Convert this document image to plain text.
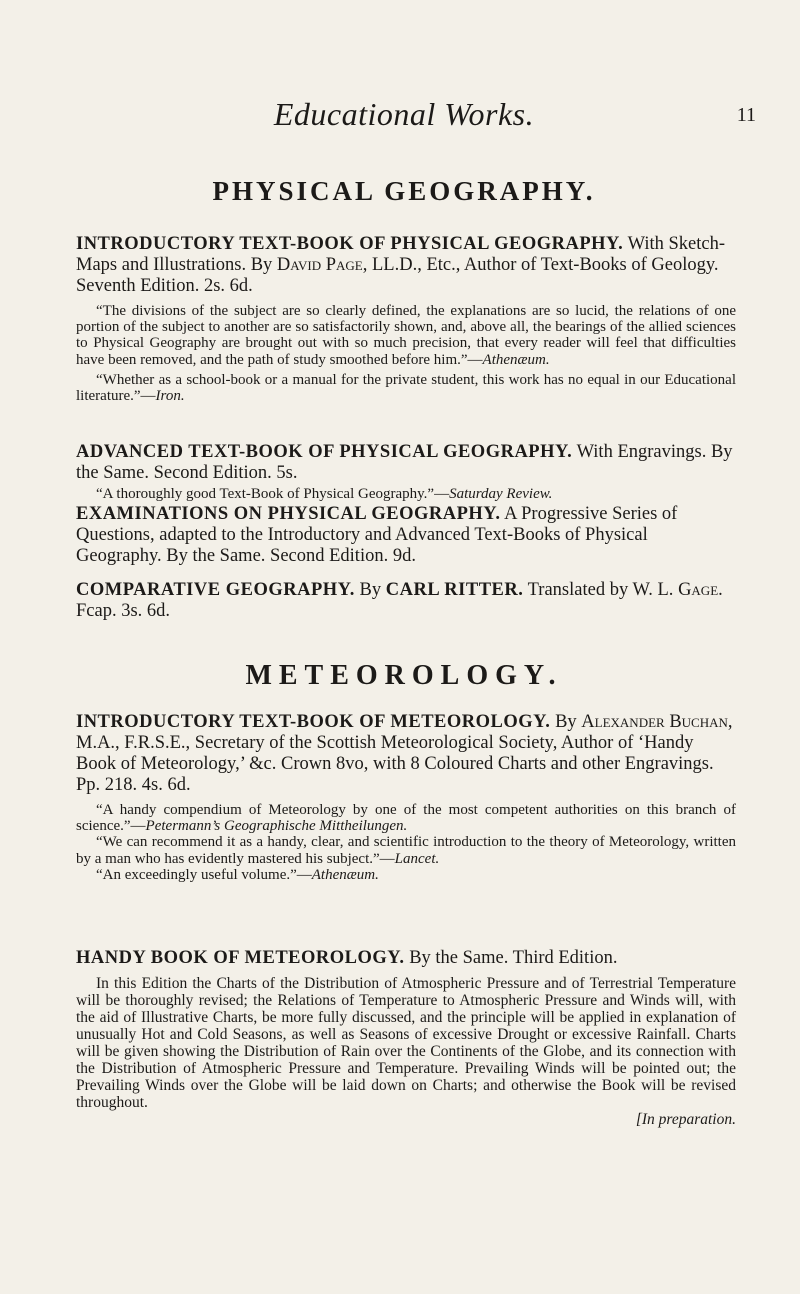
Educational Works.	11
PHYSICAL GEOGRAPHY.

INTRODUCTORY TEXT-BOOK OF PHYSICAL GEOGRAPHY. With Sketch-Maps and Illustrations. By David Page, LL.D., Etc., Author of Text-Books of Geology. Seventh Edition. 2s. 6d.

“The divisions of the subject are so clearly defined, the explanations are so lucid, the relations of one portion of the subject to another are so satisfactorily shown, and, above all, the bearings of the allied sciences to Physical Geography are brought out with so much precision, that every reader will feel that difficulties have been removed, and the path of study smoothed before him.”—Athenæum.

“Whether as a school-book or a manual for the private student, this work has no equal in our Educational literature.”—Iron.

ADVANCED TEXT-BOOK OF PHYSICAL GEOGRAPHY. With Engravings. By the Same. Second Edition. 5s.

“A thoroughly good Text-Book of Physical Geography.”—Saturday Review.

EXAMINATIONS ON PHYSICAL GEOGRAPHY. A Progressive Series of Questions, adapted to the Introductory and Advanced Text-Books of Physical Geography. By the Same. Second Edition. 9d.

COMPARATIVE GEOGRAPHY. By CARL RITTER. Translated by W. L. Gage. Fcap. 3s. 6d.

METEOROLOGY.

INTRODUCTORY TEXT-BOOK OF METEOROLOGY. By Alexander Buchan, M.A., F.R.S.E., Secretary of the Scottish Meteorological Society, Author of ‘Handy Book of Meteorology,’ &c. Crown 8vo, with 8 Coloured Charts and other Engravings. Pp. 218. 4s. 6d.

“A handy compendium of Meteorology by one of the most competent authorities on this branch of science.”—Petermann’s Geographische Mittheilungen.

“We can recommend it as a handy, clear, and scientific introduction to the theory of Meteorology, written by a man who has evidently mastered his subject.”—Lancet.

“An exceedingly useful volume.”—Athenæum.

HANDY BOOK OF METEOROLOGY. By the Same. Third Edition.

In this Edition the Charts of the Distribution of Atmospheric Pressure and of Terrestrial Temperature will be thoroughly revised; the Relations of Temperature to Atmospheric Pressure and Winds will, with the aid of Illustrative Charts, be more fully discussed, and the principle will be applied in explanation of unusually Hot and Cold Seasons, as well as Seasons of excessive Drought or excessive Rainfall. Charts will be given showing the Distribution of Rain over the Continents of the Globe, and its connection with the Distribution of Atmospheric Pressure and Temperature. Prevailing Winds will be pointed out; the Prevailing Winds over the Globe will be laid down on Charts; and otherwise the Book will be revised throughout.

[In preparation.
